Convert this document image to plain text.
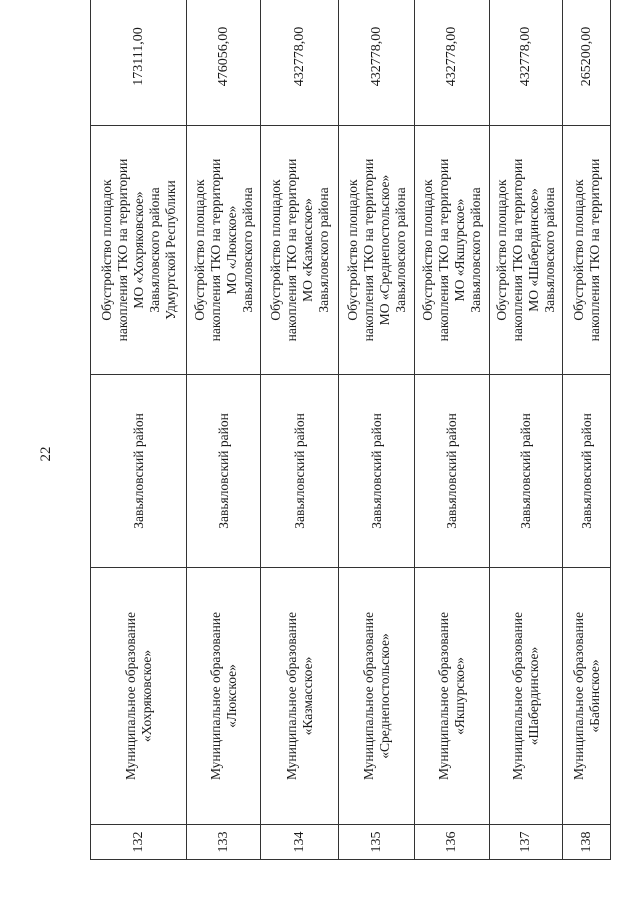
22
132	Муниципальное образование «Хохряковское»	Завьяловский район	Обустройство площадок накопления ТКО на территории МО «Хохряковское» Завьяловского района Удмуртской Республики	173111,00
133	Муниципальное образование «Люкское»	Завьяловский район	Обустройство площадок накопления ТКО на территории МО «Люкское» Завьяловского района	476056,00
134	Муниципальное образование «Казмасское»	Завьяловский район	Обустройство площадок накопления ТКО на территории МО «Казмасское» Завьяловского района	432778,00
135	Муниципальное образование «Среднепостольское»	Завьяловский район	Обустройство площадок накопления ТКО на территории МО «Среднепостольское» Завьяловского района	432778,00
136	Муниципальное образование «Якшурское»	Завьяловский район	Обустройство площадок накопления ТКО на территории МО «Якшурское» Завьяловского района	432778,00
137	Муниципальное образование «Шабердинское»	Завьяловский район	Обустройство площадок накопления ТКО на территории МО «Шабердинское» Завьяловского района	432778,00
138	Муниципальное образование «Бабинское»	Завьяловский район	Обустройство площадок накопления ТКО на территории	265200,00
